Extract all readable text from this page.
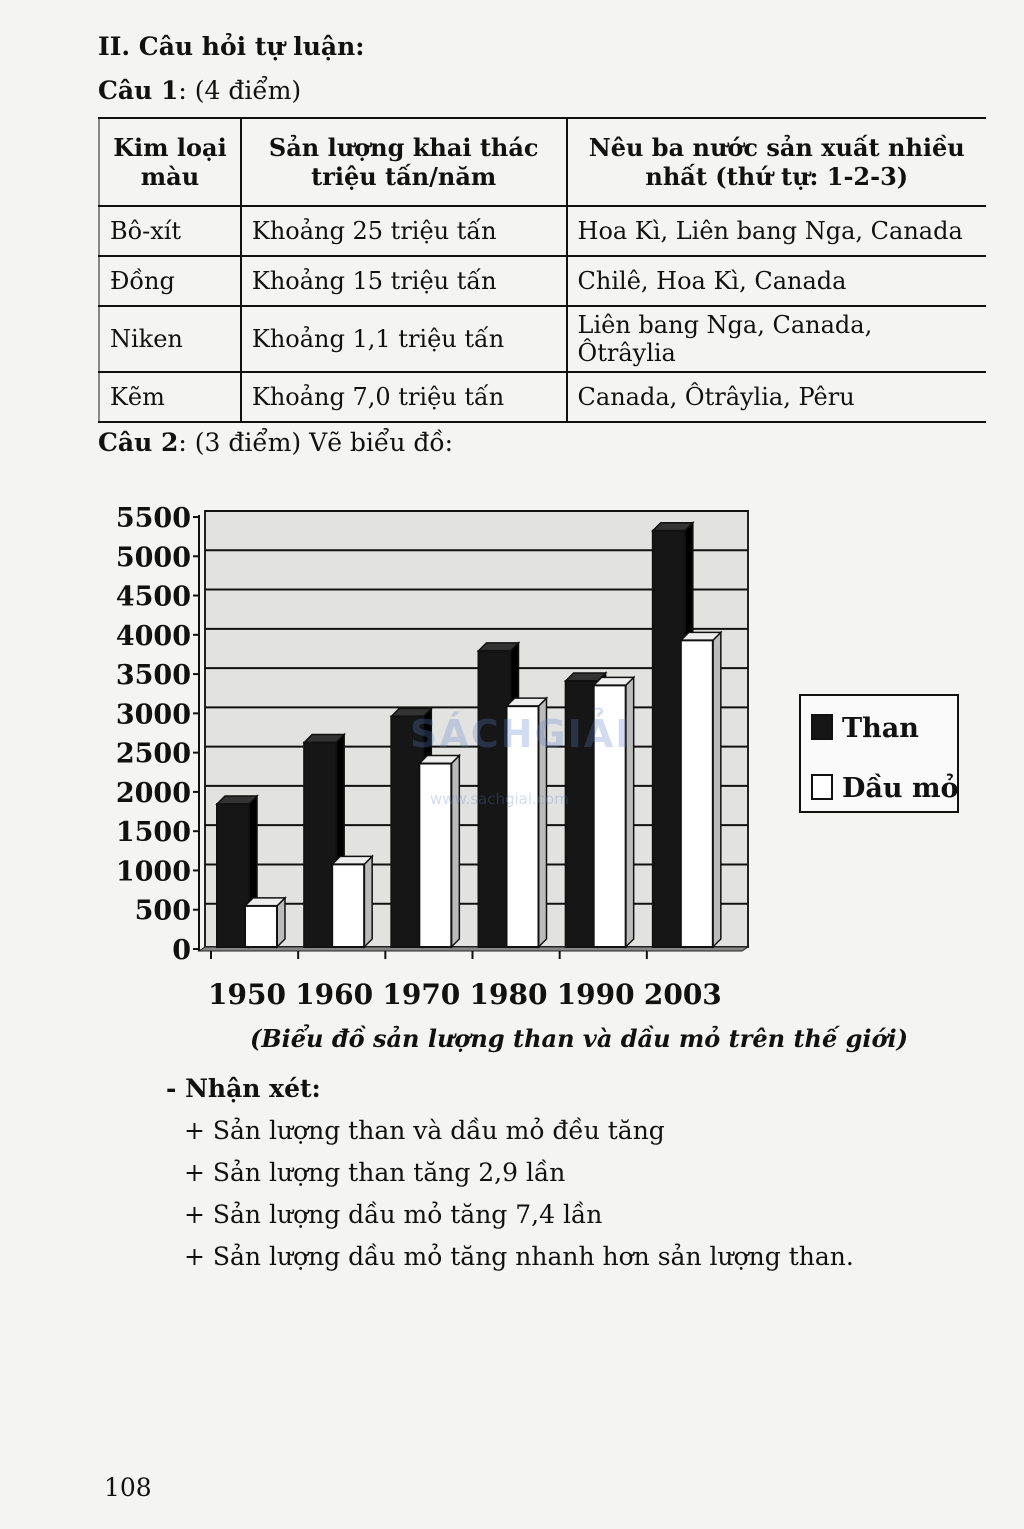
II. Câu hỏi tự luận:
Câu 1: (4 điểm)
Kim loại màu	Sản lượng khai thác triệu tấn/năm	Nêu ba nước sản xuất nhiều nhất (thứ tự: 1-2-3)
Bô-xít	Khoảng 25 triệu tấn	Hoa Kì, Liên bang Nga, Canada
Đồng	Khoảng 15 triệu tấn	Chilê, Hoa Kì, Canada
Niken	Khoảng 1,1 triệu tấn	Liên bang Nga, Canada, Ôtrâylia
Kẽm	Khoảng 7,0 triệu tấn	Canada, Ôtrâylia, Pêru
Câu 2: (3 điểm) Vẽ biểu đồ:
0
500
1000
1500
2000
2500
3000
3500
4000
4500
5000
5500
1950 1960 1970 1980 1990 2003
Than
Dầu mỏ
SÁCHGIẢI
www.sachgiai.com
(Biểu đồ sản lượng than và dầu mỏ trên thế giới)
- Nhận xét:
+ Sản lượng than và dầu mỏ đều tăng
+ Sản lượng than tăng 2,9 lần
+ Sản lượng dầu mỏ tăng 7,4 lần
+ Sản lượng dầu mỏ tăng nhanh hơn sản lượng than.
108
